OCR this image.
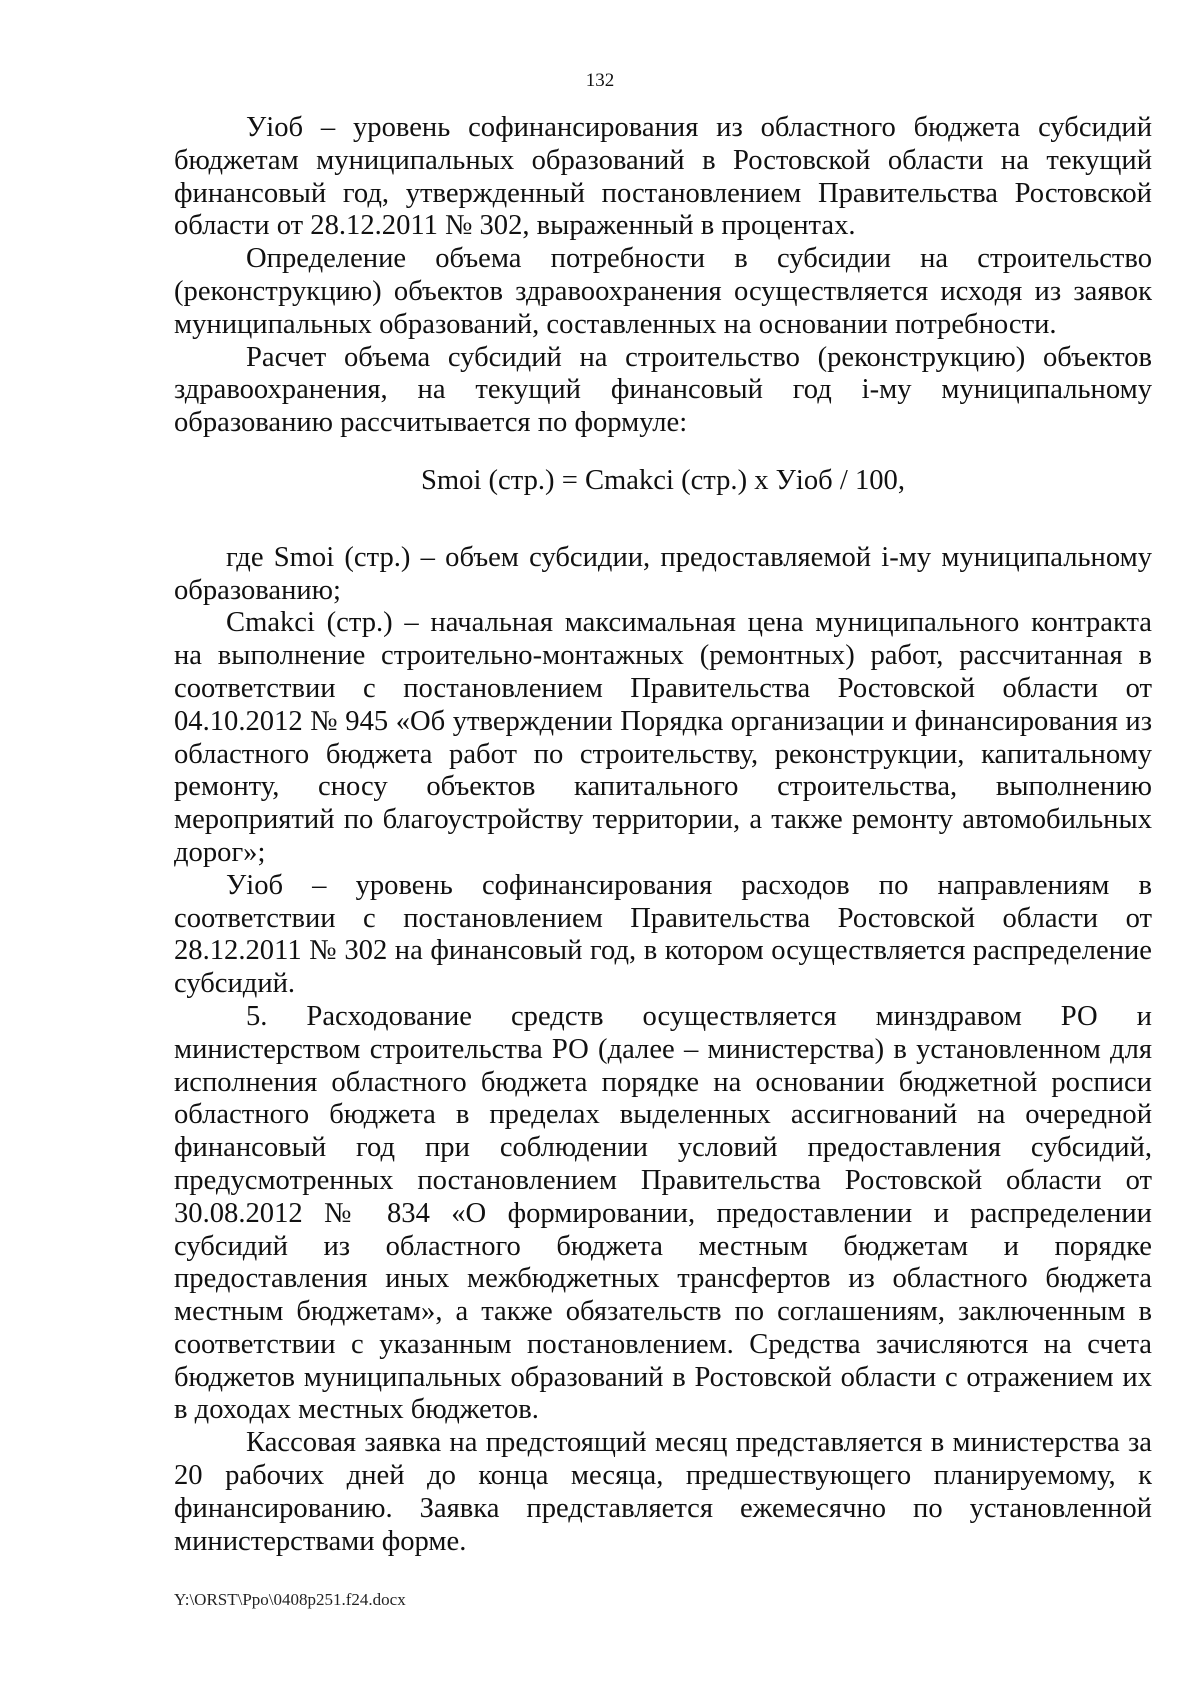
132

Уioб – уровень софинансирования из областного бюджета субсидий бюджетам муниципальных образований в Ростовской области на текущий финансовый год, утвержденный постановлением Правительства Ростовской области от 28.12.2011 № 302, выраженный в процентах.

Определение объема потребности в субсидии на строительство (реконструкцию) объектов здравоохранения осуществляется исходя из заявок муниципальных образований, составленных на основании потребности.

Расчет объема субсидий на строительство (реконструкцию) объектов здравоохранения, на текущий финансовый год i-му муниципальному образованию рассчитывается по формуле:

Smoi (стр.) = Cmakci (стр.) х Уioб / 100,

где Smoi (стр.) – объем субсидии, предоставляемой i-му муниципальному образованию;

Cmakci (стр.) – начальная максимальная цена муниципального контракта на выполнение строительно-монтажных (ремонтных) работ, рассчитанная в соответствии с постановлением Правительства Ростовской области от 04.10.2012 № 945 «Об утверждении Порядка организации и финансирования из областного бюджета работ по строительству, реконструкции, капитальному ремонту, сносу объектов капитального строительства, выполнению мероприятий по благоустройству территории, а также ремонту автомобильных дорог»;

Уioб – уровень софинансирования расходов по направлениям в соответствии с постановлением Правительства Ростовской области от 28.12.2011 № 302 на финансовый год, в котором осуществляется распределение субсидий.

5. Расходование средств осуществляется минздравом РО и министерством строительства РО (далее – министерства) в установленном для исполнения областного бюджета порядке на основании бюджетной росписи областного бюджета в пределах выделенных ассигнований на очередной финансовый год при соблюдении условий предоставления субсидий, предусмотренных постановлением Правительства Ростовской области от 30.08.2012 № 834 «О формировании, предоставлении и распределении субсидий из областного бюджета местным бюджетам и порядке предоставления иных межбюджетных трансфертов из областного бюджета местным бюджетам», а также обязательств по соглашениям, заключенным в соответствии с указанным постановлением. Средства зачисляются на счета бюджетов муниципальных образований в Ростовской области с отражением их в доходах местных бюджетов.

Кассовая заявка на предстоящий месяц представляется в министерства за 20 рабочих дней до конца месяца, предшествующего планируемому, к финансированию. Заявка представляется ежемесячно по установленной министерствами форме.

Y:\ORST\Ppo\0408p251.f24.docx
